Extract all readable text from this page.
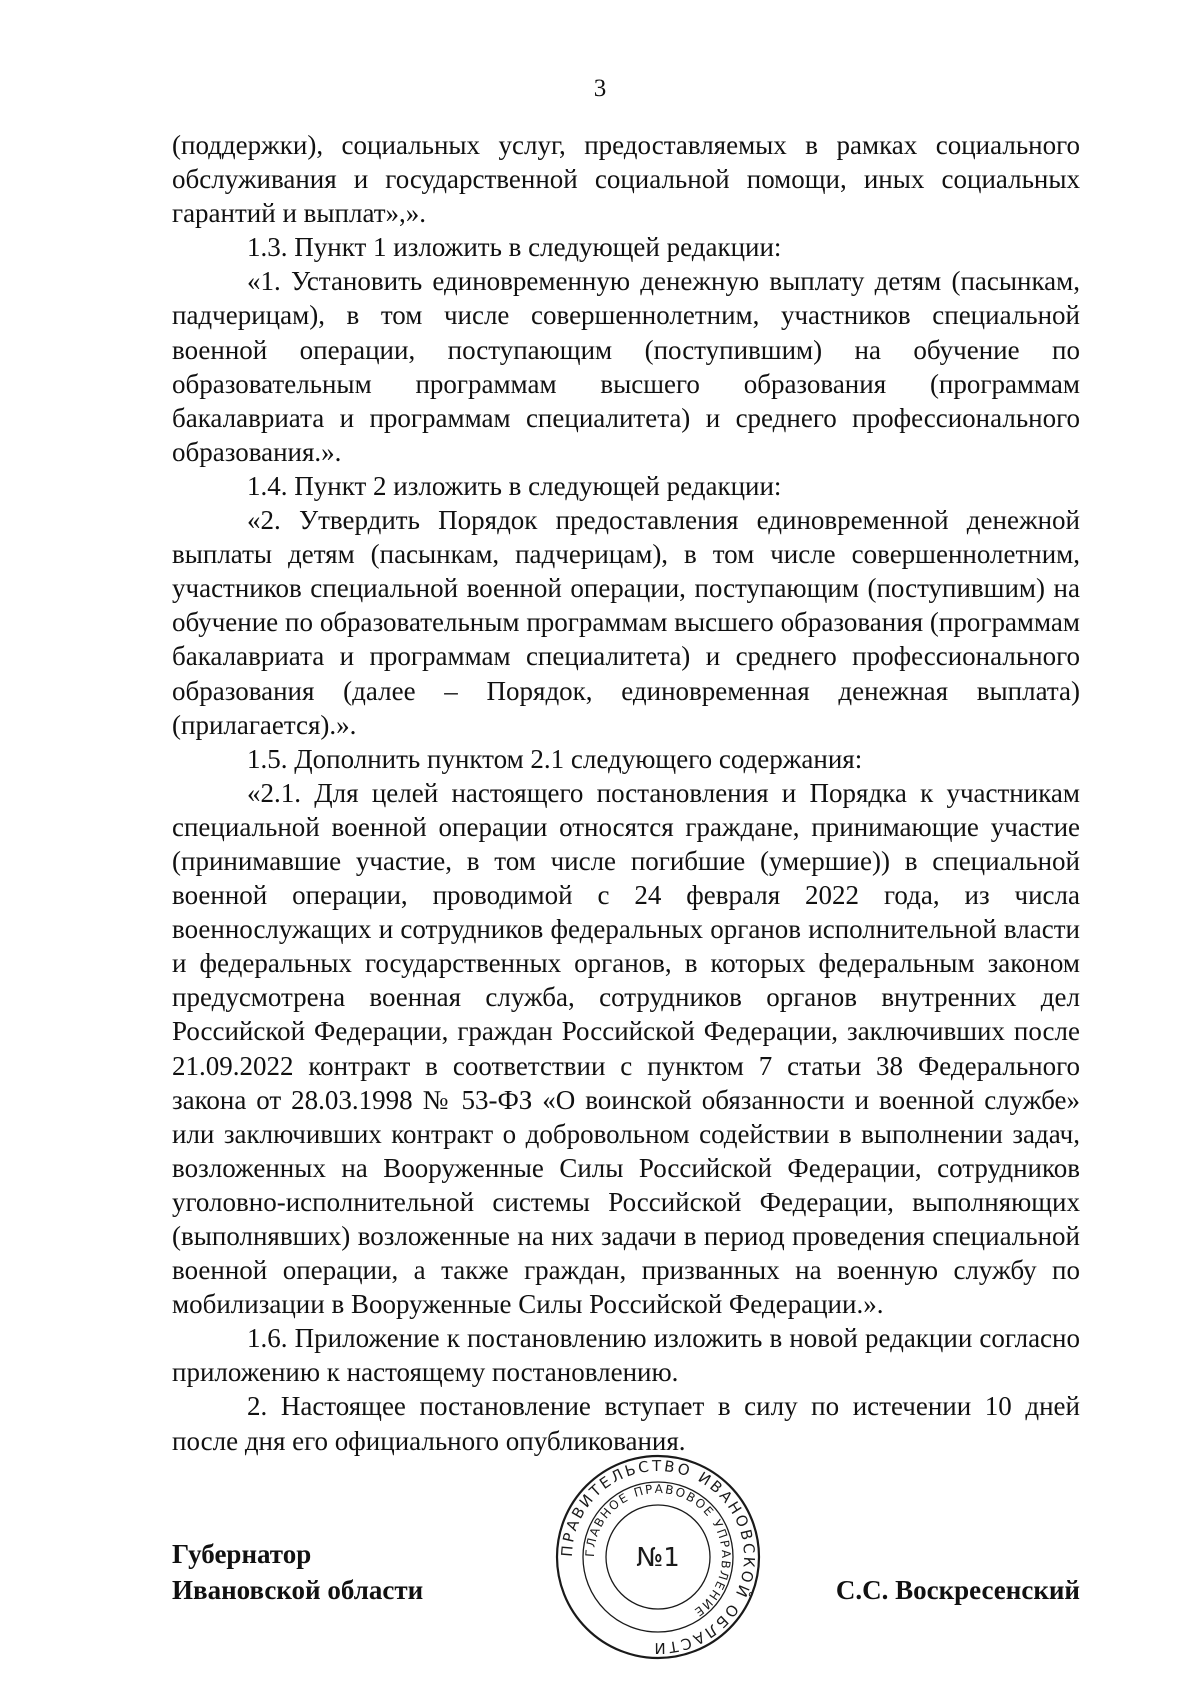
3

(поддержки), социальных услуг, предоставляемых в рамках социального обслуживания и государственной социальной помощи, иных социальных гарантий и выплат»,».

1.3. Пункт 1 изложить в следующей редакции:

«1. Установить единовременную денежную выплату детям (пасынкам, падчерицам), в том числе совершеннолетним, участников специальной военной операции, поступающим (поступившим) на обучение по образовательным программам высшего образования (программам бакалавриата и программам специалитета) и среднего профессионального образования.».

1.4. Пункт 2 изложить в следующей редакции:

«2. Утвердить Порядок предоставления единовременной денежной выплаты детям (пасынкам, падчерицам), в том числе совершеннолетним, участников специальной военной операции, поступающим (поступившим) на обучение по образовательным программам высшего образования (программам бакалавриата и программам специалитета) и среднего профессионального образования (далее – Порядок, единовременная денежная выплата) (прилагается).».

1.5. Дополнить пунктом 2.1 следующего содержания:

«2.1. Для целей настоящего постановления и Порядка к участникам специальной военной операции относятся граждане, принимающие участие (принимавшие участие, в том числе погибшие (умершие)) в специальной военной операции, проводимой с 24 февраля 2022 года, из числа военнослужащих и сотрудников федеральных органов исполнительной власти и федеральных государственных органов, в которых федеральным законом предусмотрена военная служба, сотрудников органов внутренних дел Российской Федерации, граждан Российской Федерации, заключивших после 21.09.2022 контракт в соответствии с пунктом 7 статьи 38 Федерального закона от 28.03.1998 № 53-ФЗ «О воинской обязанности и военной службе» или заключивших контракт о добровольном содействии в выполнении задач, возложенных на Вооруженные Силы Российской Федерации, сотрудников уголовно-исполнительной системы Российской Федерации, выполняющих (выполнявших) возложенные на них задачи в период проведения специальной военной операции, а также граждан, призванных на военную службу по мобилизации в Вооруженные Силы Российской Федерации.».

1.6. Приложение к постановлению изложить в новой редакции согласно приложению к настоящему постановлению.

2. Настоящее постановление вступает в силу по истечении 10 дней после дня его официального опубликования.

Губернатор
Ивановской области	С.С. Воскресенский
ПРАВИТЕЛЬСТВО ИВАНОВСКОЙ ОБЛАСТИ
ГЛАВНОЕ ПРАВОВОЕ УПРАВЛЕНИЕ
№1
